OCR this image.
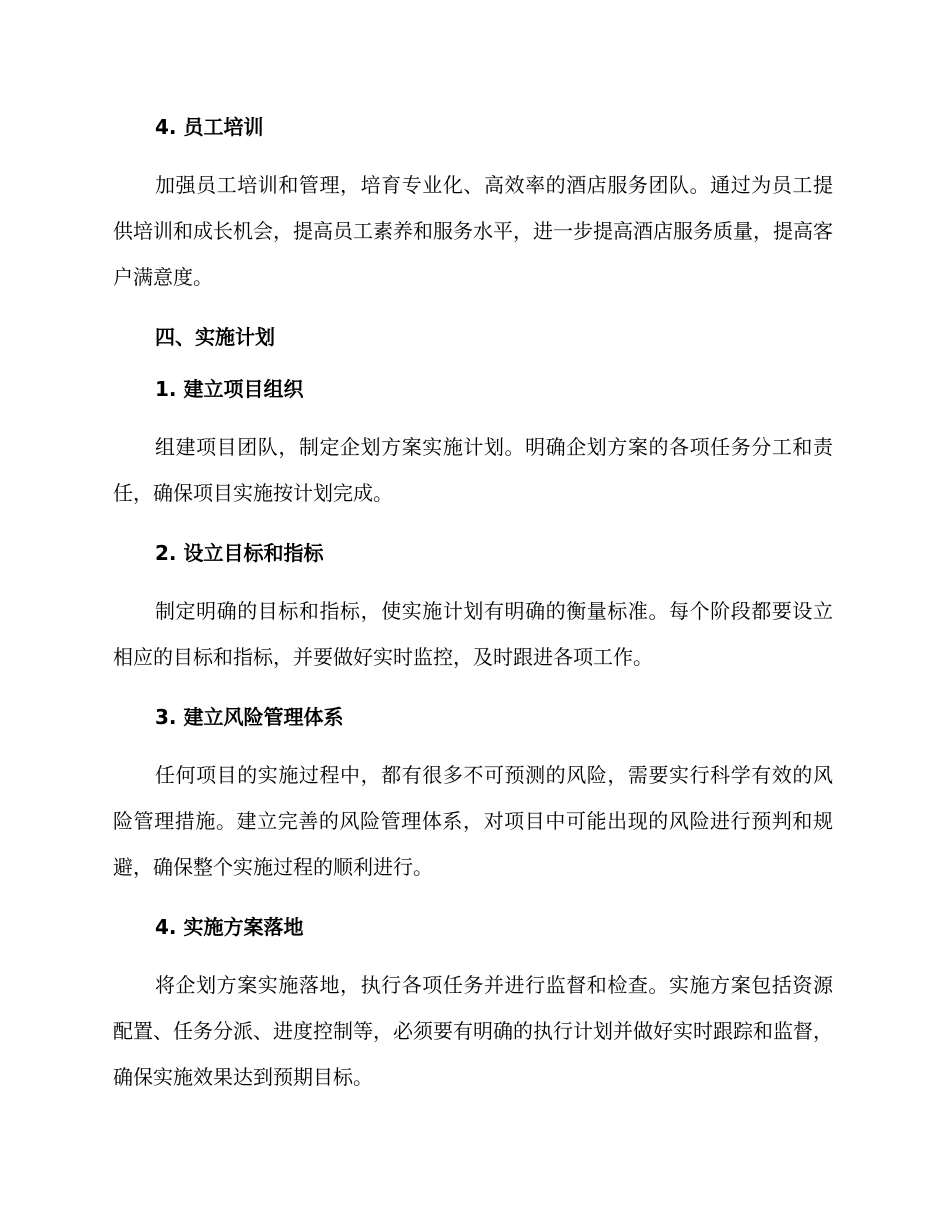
4. 员工培训

加强员工培训和管理，培育专业化、高效率的酒店服务团队。通过为员工提供培训和成长机会，提高员工素养和服务水平，进一步提高酒店服务质量，提高客户满意度。

四、实施计划
1. 建立项目组织

组建项目团队，制定企划方案实施计划。明确企划方案的各项任务分工和责任，确保项目实施按计划完成。

2. 设立目标和指标

制定明确的目标和指标，使实施计划有明确的衡量标准。每个阶段都要设立相应的目标和指标，并要做好实时监控，及时跟进各项工作。

3. 建立风险管理体系

任何项目的实施过程中，都有很多不可预测的风险，需要实行科学有效的风险管理措施。建立完善的风险管理体系，对项目中可能出现的风险进行预判和规避，确保整个实施过程的顺利进行。

4. 实施方案落地

将企划方案实施落地，执行各项任务并进行监督和检查。实施方案包括资源配置、任务分派、进度控制等，必须要有明确的执行计划并做好实时跟踪和监督，确保实施效果达到预期目标。
